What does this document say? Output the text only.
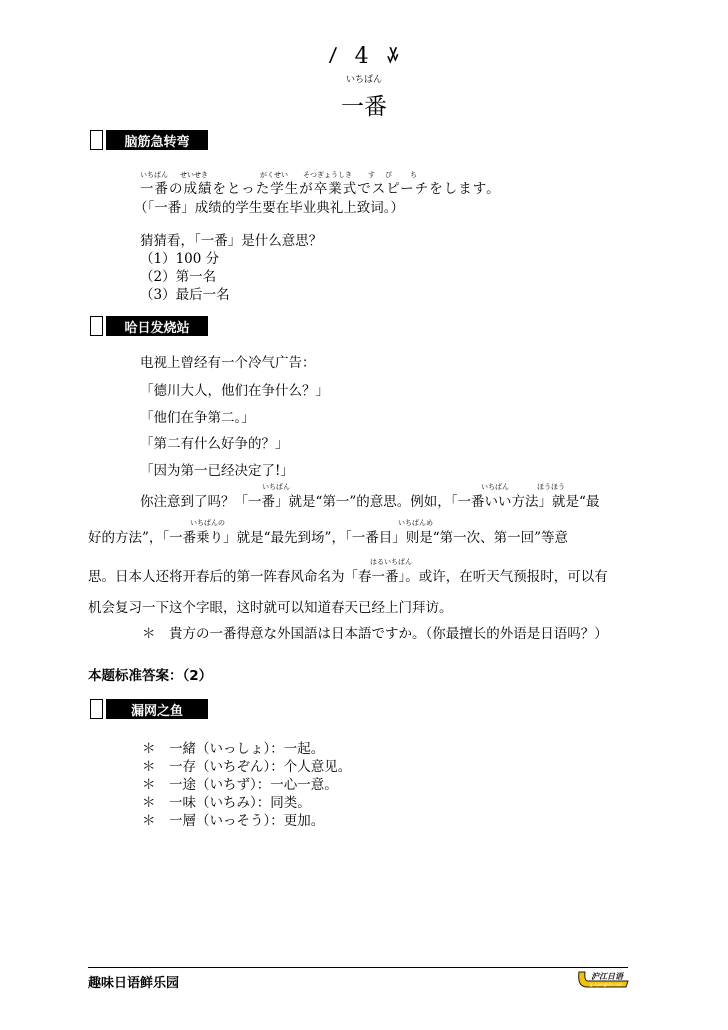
ꤷ 4 ꤸ
いちばん
一番
脑筋急转弯
いちばん せいせき	がくせい そつぎょうしき す ぴ	ち
一番の成績をとった学生が卒業式でスピーチをします。
（「一番」成绩的学生要在毕业典礼上致词。）
猜猜看，「一番」是什么意思？
（1）100 分
（2）第一名
（3）最后一名
哈日发烧站
电视上曾经有一个冷气广告：
「德川大人，他们在争什么？」
「他们在争第二。」
「第二有什么好争的？」
「因为第一已经决定了!」
いちばん	いちばん	ほうほう
你注意到了吗？「一番」就是“第一”的意思。例如，「一番いい方法」就是“最
いちばんの	いちばんめ
好的方法”，「一番乗り」就是“最先到场”，「一番目」则是“第一次、第一回”等意
はるいちばん
思。日本人还将开春后的第一阵春风命名为「春一番」。或许，在听天气预报时，可以有
机会复习一下这个字眼，这时就可以知道春天已经上门拜访。
＊　貴方の一番得意な外国語は日本語ですか。（你最擅长的外语是日语吗？）
本题标准答案：（2）
漏网之鱼
＊　一緒（いっしょ）：一起。
＊　一存（いちぞん）：个人意见。
＊　一途（いちず）：一心一意。
＊　一味（いちみ）：同类。
＊　一層（いっそう）：更加。
趣味日语鲜乐园	沪江日语
jp.hjenglish.com
